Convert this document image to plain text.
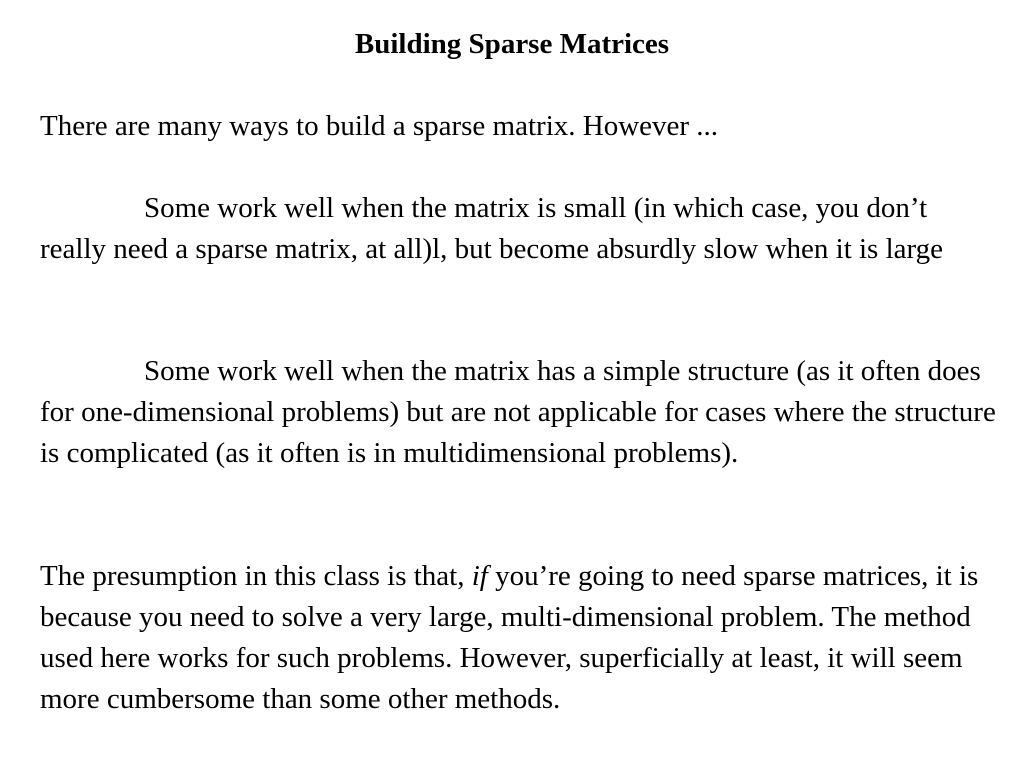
Building Sparse Matrices
There are many ways to build a sparse matrix. However ...
Some work well when the matrix is small (in which case, you don’t really need a sparse matrix, at all)l, but become absurdly slow when it is large
Some work well when the matrix has a simple structure (as it often does for one-dimensional problems) but are not applicable for cases where the structure is complicated (as it often is in multidimensional problems).
The presumption in this class is that, if you’re going to need sparse matrices, it is because you need to solve a very large, multi-dimensional problem. The method used here works for such problems. However, superficially at least, it will seem more cumbersome than some other methods.
